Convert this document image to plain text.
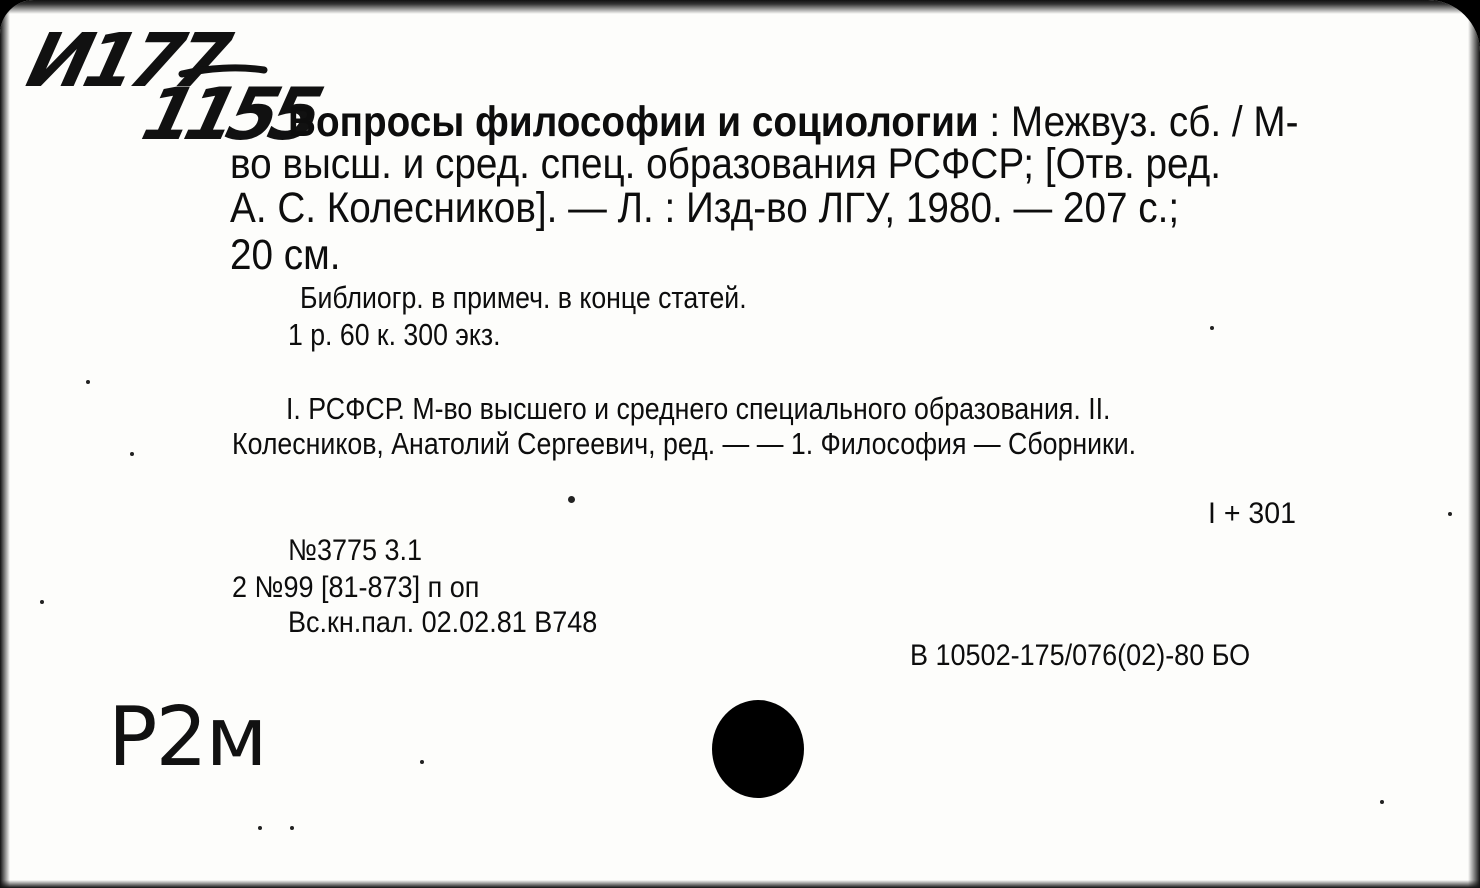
И177
1155
Вопросы философии и социологии : Межвуз. сб. / М-
во высш. и сред. спец. образования РСФСР; [Отв. ред.
А. С. Колесников]. — Л. : Изд-во ЛГУ, 1980. — 207 с.;
20 см.
Библиогр. в примеч. в конце статей.
1 р. 60 к. 300 экз.
I. РСФСР. М-во высшего и среднего специального образования. II.
Колесников, Анатолий Сергеевич, ред. — — 1. Философия — Сборники.
I + 301
№3775 3.1
2 №99 [81-873] п оп
Вс.кн.пал. 02.02.81 В748
В 10502-175/076(02)-80 БО
Р2м
